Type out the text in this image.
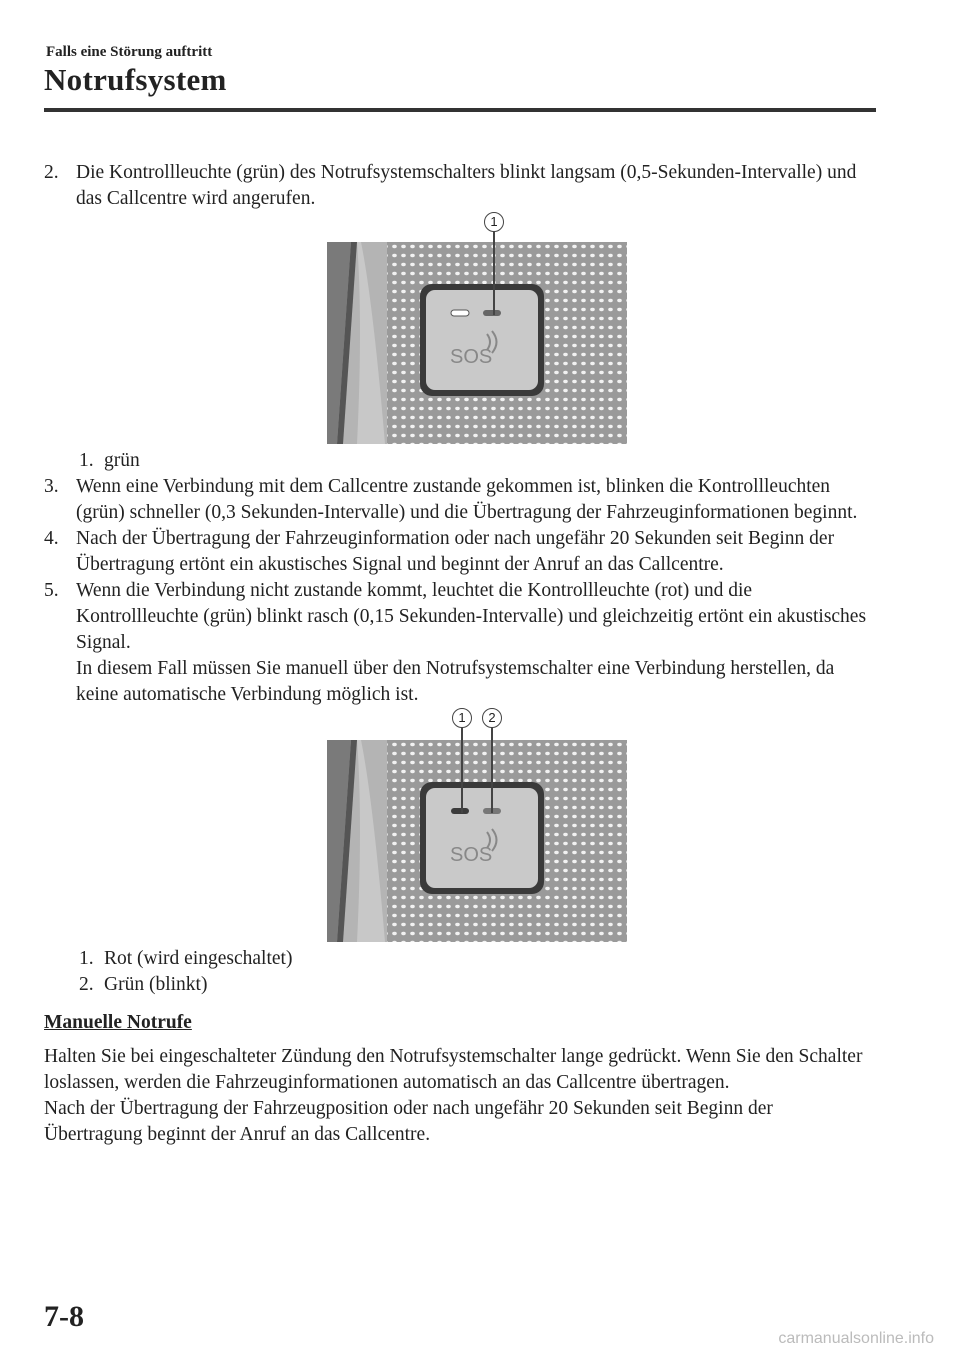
Falls eine Störung auftritt
Notrufsystem
2. Die Kontrollleuchte (grün) des Notrufsystemschalters blinkt langsam (0,5-Sekunden-Intervalle) und das Callcentre wird angerufen.
1
SOS
1. grün
3. Wenn eine Verbindung mit dem Callcentre zustande gekommen ist, blinken die Kontrollleuchten (grün) schneller (0,3 Sekunden-Intervalle) und die Übertragung der Fahrzeuginformationen beginnt.
4. Nach der Übertragung der Fahrzeuginformation oder nach ungefähr 20 Sekunden seit Beginn der Übertragung ertönt ein akustisches Signal und beginnt der Anruf an das Callcentre.
5. Wenn die Verbindung nicht zustande kommt, leuchtet die Kontrollleuchte (rot) und die Kontrollleuchte (grün) blinkt rasch (0,15 Sekunden-Intervalle) und gleichzeitig ertönt ein akustisches Signal.
In diesem Fall müssen Sie manuell über den Notrufsystemschalter eine Verbindung herstellen, da keine automatische Verbindung möglich ist.
1	2
SOS
1. Rot (wird eingeschaltet)
2. Grün (blinkt)
Manuelle Notrufe

Halten Sie bei eingeschalteter Zündung den Notrufsystemschalter lange gedrückt. Wenn Sie den Schalter loslassen, werden die Fahrzeuginformationen automatisch an das Callcentre übertragen.

Nach der Übertragung der Fahrzeugposition oder nach ungefähr 20 Sekunden seit Beginn der Übertragung beginnt der Anruf an das Callcentre.

7-8
carmanualsonline.info
